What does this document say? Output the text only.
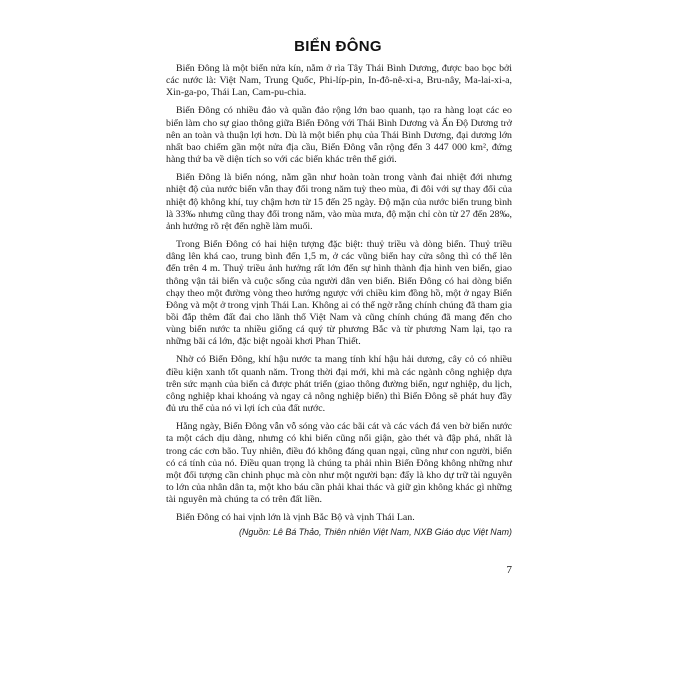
BIỂN ĐÔNG

Biển Đông là một biển nửa kín, nằm ở rìa Tây Thái Bình Dương, được bao bọc bởi các nước là: Việt Nam, Trung Quốc, Phi-líp-pin, In-đô-nê-xi-a, Bru-nây, Ma-lai-xi-a, Xin-ga-po, Thái Lan, Cam-pu-chia.

Biển Đông có nhiều đảo và quần đảo rộng lớn bao quanh, tạo ra hàng loạt các eo biển làm cho sự giao thông giữa Biển Đông với Thái Bình Dương và Ấn Độ Dương trở nên an toàn và thuận lợi hơn. Dù là một biển phụ của Thái Bình Dương, đại dương lớn nhất bao chiếm gần một nửa địa cầu, Biển Đông vẫn rộng đến 3 447 000 km², đứng hàng thứ ba về diện tích so với các biển khác trên thế giới.

Biển Đông là biển nóng, nằm gần như hoàn toàn trong vành đai nhiệt đới nhưng nhiệt độ của nước biển vẫn thay đổi trong năm tuỳ theo mùa, đi đôi với sự thay đổi của nhiệt độ không khí, tuy chậm hơn từ 15 đến 25 ngày. Độ mặn của nước biển trung bình là 33‰ nhưng cũng thay đổi trong năm, vào mùa mưa, độ mặn chỉ còn từ 27 đến 28‰, ảnh hưởng rõ rệt đến nghề làm muối.

Trong Biển Đông có hai hiện tượng đặc biệt: thuỷ triều và dòng biển. Thuỷ triều dâng lên khá cao, trung bình đến 1,5 m, ở các vũng biển hay cửa sông thì có thể lên đến trên 4 m. Thuỷ triều ảnh hưởng rất lớn đến sự hình thành địa hình ven biển, giao thông vận tải biển và cuộc sống của người dân ven biển. Biển Đông có hai dòng biển chạy theo một đường vòng theo hướng ngược với chiều kim đồng hồ, một ở ngay Biển Đông và một ở trong vịnh Thái Lan. Không ai có thể ngờ rằng chính chúng đã tham gia bồi đắp thêm đất đai cho lãnh thổ Việt Nam và cũng chính chúng đã mang đến cho vùng biển nước ta nhiều giống cá quý từ phương Bắc và từ phương Nam lại, tạo ra những bãi cá lớn, đặc biệt ngoài khơi Phan Thiết.

Nhờ có Biển Đông, khí hậu nước ta mang tính khí hậu hải dương, cây cỏ có nhiều điều kiện xanh tốt quanh năm. Trong thời đại mới, khi mà các ngành công nghiệp dựa trên sức mạnh của biển cả được phát triển (giao thông đường biển, ngư nghiệp, du lịch, công nghiệp khai khoáng và ngay cả nông nghiệp biển) thì Biển Đông sẽ phát huy đầy đủ ưu thế của nó vì lợi ích của đất nước.

Hằng ngày, Biển Đông vẫn vỗ sóng vào các bãi cát và các vách đá ven bờ biển nước ta một cách dịu dàng, nhưng có khi biển cũng nổi giận, gào thét và đập phá, nhất là trong các cơn bão. Tuy nhiên, điều đó không đáng quan ngại, cũng như con người, biển có cá tính của nó. Điều quan trọng là chúng ta phải nhìn Biển Đông không những như một đối tượng cần chinh phục mà còn như một người bạn: đấy là kho dự trữ tài nguyên to lớn của nhân dân ta, một kho báu cần phải khai thác và giữ gìn không khác gì những tài nguyên mà chúng ta có trên đất liền.

Biển Đông có hai vịnh lớn là vịnh Bắc Bộ và vịnh Thái Lan.

(Nguồn: Lê Bá Thảo, Thiên nhiên Việt Nam, NXB Giáo dục Việt Nam)

7
